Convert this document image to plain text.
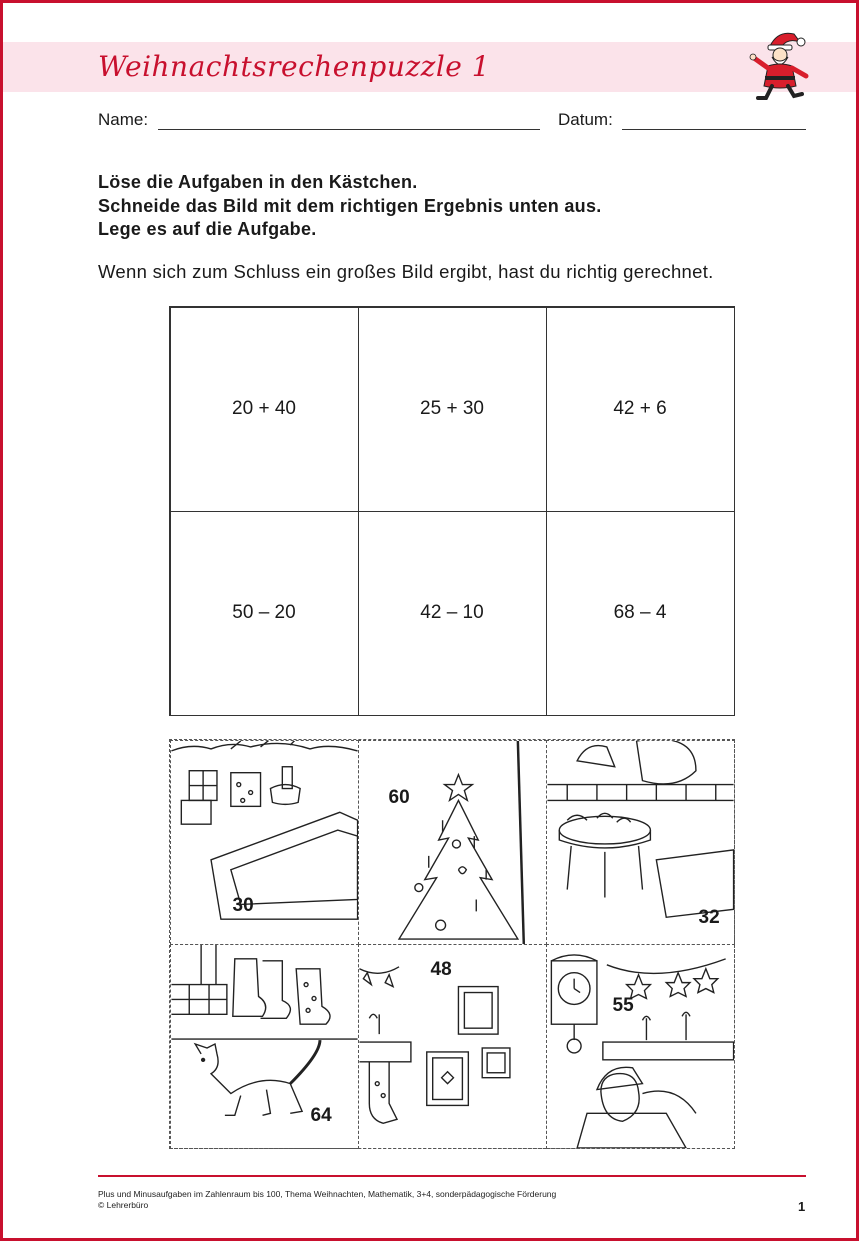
Weihnachtsrechenpuzzle 1
Name:	Datum:
Löse die Aufgaben in den Kästchen.
Schneide das Bild mit dem richtigen Ergebnis unten aus.
Lege es auf die Aufgabe.
Wenn sich zum Schluss ein großes Bild ergibt, hast du richtig gerechnet.
20 + 40	25 + 30	42 + 6
50 – 20	42 – 10	68 – 4
30
60
32
64
48
55
Plus und Minusaufgaben im Zahlenraum bis 100, Thema Weihnachten, Mathematik, 3+4, sonderpädagogische Förderung
© Lehrerbüro	1
